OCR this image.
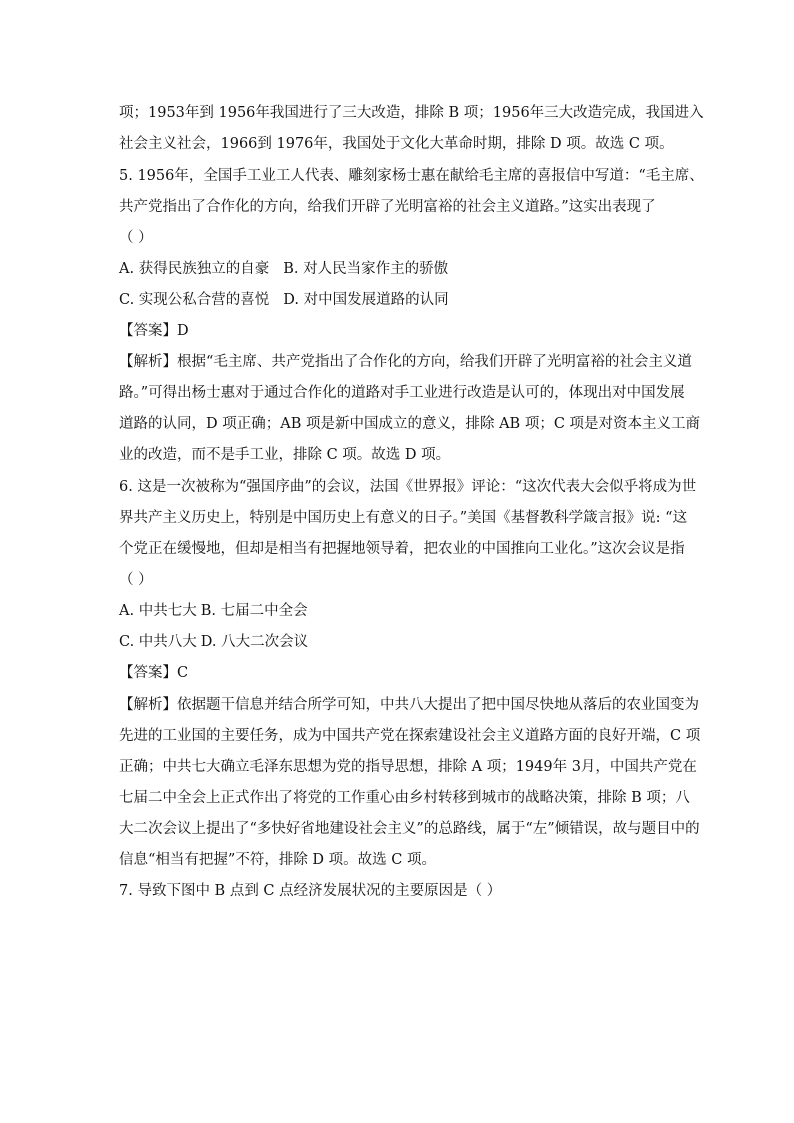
项；1953年到 1956年我国进行了三大改造，排除 B 项；1956年三大改造完成，我国进入
社会主义社会，1966到 1976年，我国处于文化大革命时期，排除 D 项。故选 C 项。
5. 1956年，全国手工业工人代表、雕刻家杨士惠在献给毛主席的喜报信中写道：“毛主席、
共产党指出了合作化的方向，给我们开辟了光明富裕的社会主义道路。”这实出表现了
（ ）
A. 获得民族独立的自豪 B. 对人民当家作主的骄傲
C. 实现公私合营的喜悦 D. 对中国发展道路的认同
【答案】D
【解析】根据“毛主席、共产党指出了合作化的方向，给我们开辟了光明富裕的社会主义道
路。”可得出杨士惠对于通过合作化的道路对手工业进行改造是认可的，体现出对中国发展
道路的认同，D 项正确；AB 项是新中国成立的意义，排除 AB 项；C 项是对资本主义工商
业的改造，而不是手工业，排除 C 项。故选 D 项。
6. 这是一次被称为“强国序曲”的会议，法国《世界报》评论：“这次代表大会似乎将成为世
界共产主义历史上，特别是中国历史上有意义的日子。”美国《基督教科学箴言报》说: “这
个党正在缓慢地，但却是相当有把握地领导着，把农业的中国推向工业化。”这次会议是指
（ ）
A. 中共七大 B. 七届二中全会
C. 中共八大 D. 八大二次会议
【答案】C
【解析】依据题干信息并结合所学可知，中共八大提出了把中国尽快地从落后的农业国变为
先进的工业国的主要任务，成为中国共产党在探索建设社会主义道路方面的良好开端，C 项
正确；中共七大确立毛泽东思想为党的指导思想，排除 A 项；1949年 3月，中国共产党在
七届二中全会上正式作出了将党的工作重心由乡村转移到城市的战略决策，排除 B 项；八
大二次会议上提出了“多快好省地建设社会主义”的总路线，属于“左”倾错误，故与题目中的
信息“相当有把握”不符，排除 D 项。故选 C 项。
7. 导致下图中 B 点到 C 点经济发展状况的主要原因是（ ）
